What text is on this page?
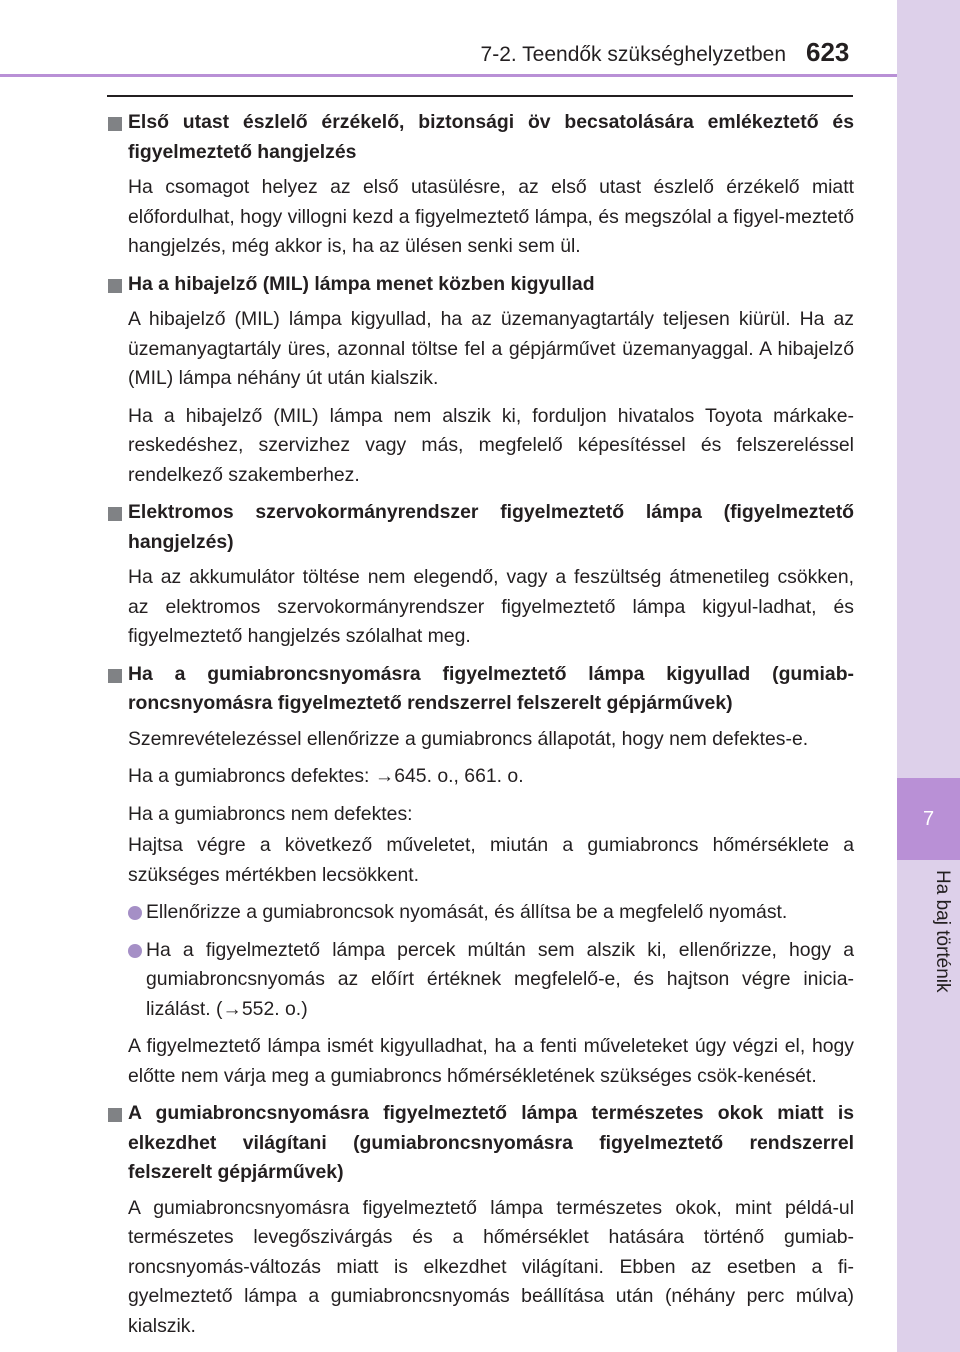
7
Ha baj történik
7-2. Teendők szükséghelyzetben 623
Első utast észlelő érzékelő, biztonsági öv becsatolására emlékeztető és figyelmeztető hangjelzés

Ha csomagot helyez az első utasülésre, az első utast észlelő érzékelő miatt előfordulhat, hogy villogni kezd a figyelmeztető lámpa, és megszólal a figyel-meztető hangjelzés, még akkor is, ha az ülésen senki sem ül.

Ha a hibajelző (MIL) lámpa menet közben kigyullad

A hibajelző (MIL) lámpa kigyullad, ha az üzemanyagtartály teljesen kiürül. Ha az üzemanyagtartály üres, azonnal töltse fel a gépjárművet üzemanyaggal. A hibajelző (MIL) lámpa néhány út után kialszik.

Ha a hibajelző (MIL) lámpa nem alszik ki, forduljon hivatalos Toyota márkake-reskedéshez, szervizhez vagy más, megfelelő képesítéssel és felszereléssel rendelkező szakemberhez.

Elektromos szervokormányrendszer figyelmeztető lámpa (figyelmeztető hangjelzés)

Ha az akkumulátor töltése nem elegendő, vagy a feszültség átmenetileg csökken, az elektromos szervokormányrendszer figyelmeztető lámpa kigyul-ladhat, és figyelmeztető hangjelzés szólalhat meg.

Ha a gumiabroncsnyomásra figyelmeztető lámpa kigyullad (gumiab-roncsnyomásra figyelmeztető rendszerrel felszerelt gépjárművek)

Szemrevételezéssel ellenőrizze a gumiabroncs állapotát, hogy nem defektes-e.

Ha a gumiabroncs defektes: →645. o., 661. o.

Ha a gumiabroncs nem defektes:

Hajtsa végre a következő műveletet, miután a gumiabroncs hőmérséklete a szükséges mértékben lecsökkent.

Ellenőrizze a gumiabroncsok nyomását, és állítsa be a megfelelő nyomást.
Ha a figyelmeztető lámpa percek múltán sem alszik ki, ellenőrizze, hogy a gumiabroncsnyomás az előírt értéknek megfelelő-e, és hajtson végre inicia-lizálást. (→552. o.)

A figyelmeztető lámpa ismét kigyulladhat, ha a fenti műveleteket úgy végzi el, hogy előtte nem várja meg a gumiabroncs hőmérsékletének szükséges csök-kenését.

A gumiabroncsnyomásra figyelmeztető lámpa természetes okok miatt is elkezdhet világítani (gumiabroncsnyomásra figyelmeztető rendszerrel felszerelt gépjárművek)

A gumiabroncsnyomásra figyelmeztető lámpa természetes okok, mint példá-ul természetes levegőszivárgás és a hőmérséklet hatására történő gumiab-roncsnyomás-változás miatt is elkezdhet világítani. Ebben az esetben a fi-gyelmeztető lámpa a gumiabroncsnyomás beállítása után (néhány perc múlva) kialszik.
